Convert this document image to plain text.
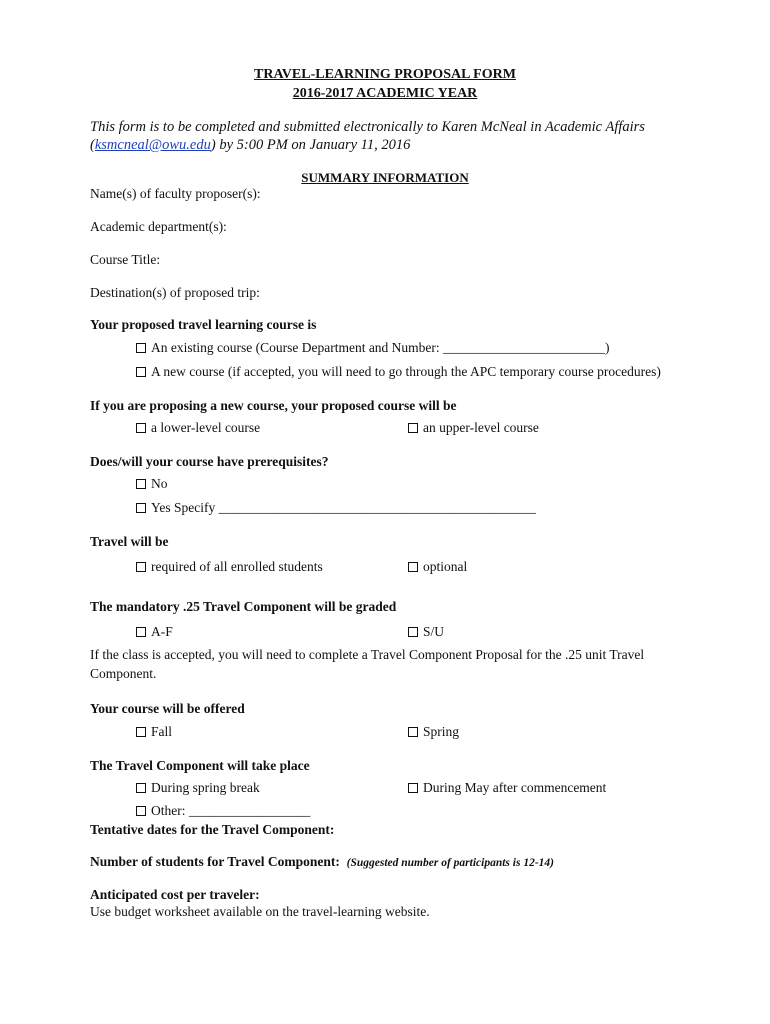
TRAVEL-LEARNING PROPOSAL FORM
2016-2017 ACADEMIC YEAR
This form is to be completed and submitted electronically to Karen McNeal in Academic Affairs (ksmcneal@owu.edu) by 5:00 PM on January 11, 2016
SUMMARY INFORMATION
Name(s) of faculty proposer(s):
Academic department(s):
Course Title:
Destination(s) of proposed trip:
Your proposed travel learning course is
An existing course (Course Department and Number: ________________________)
A new course (if accepted, you will need to go through the APC temporary course procedures)
If you are proposing a new course, your proposed course will be
a lower-level course	an upper-level course
Does/will your course have prerequisites?
No
Yes Specify _______________________________________________
Travel will be
required of all enrolled students	optional
The mandatory .25 Travel Component will be graded
A-F	S/U
If the class is accepted, you will need to complete a Travel Component Proposal for the .25 unit Travel Component.
Your course will be offered
Fall	Spring
The Travel Component will take place
During spring break	During May after commencement
Other: __________________
Tentative dates for the Travel Component:
Number of students for Travel Component: (Suggested number of participants is 12-14)
Anticipated cost per traveler:
Use budget worksheet available on the travel-learning website.
